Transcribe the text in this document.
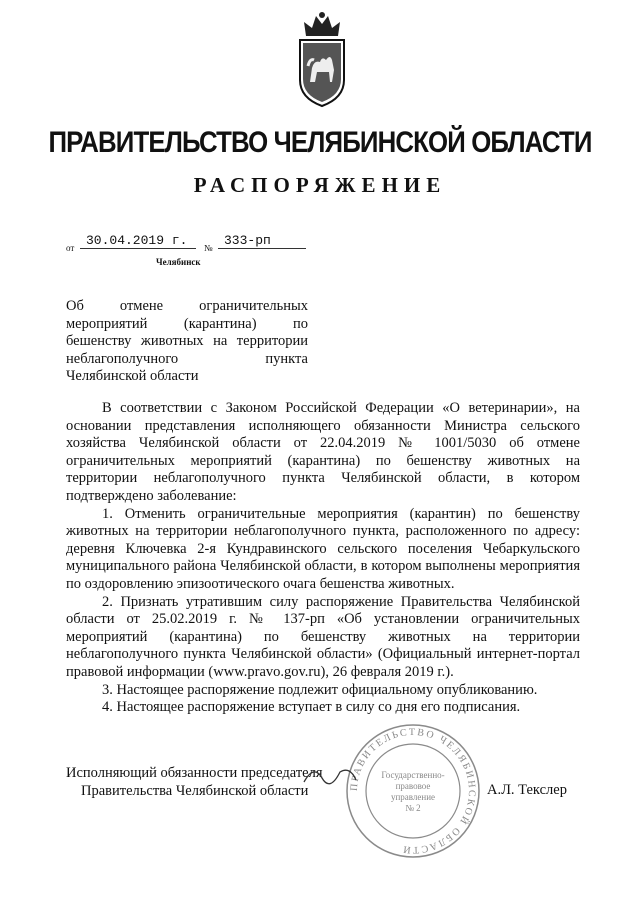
ПРАВИТЕЛЬСТВО ЧЕЛЯБИНСКОЙ ОБЛАСТИ
РАСПОРЯЖЕНИЕ
от 30.04.2019 г.	№ 333-рп
Челябинск
Об отмене ограничительных мероприятий (карантина) по бешенству животных на территории неблагополучного пункта Челябинской области

В соответствии с Законом Российской Федерации «О ветеринарии», на основании представления исполняющего обязанности Министра сельского хозяйства Челябинской области от 22.04.2019 № 1001/5030 об отмене ограничительных мероприятий (карантина) по бешенству животных на территории неблагополучного пункта Челябинской области, в котором подтверждено заболевание:

1. Отменить ограничительные мероприятия (карантин) по бешенству животных на территории неблагополучного пункта, расположенного по адресу: деревня Ключевка 2-я Кундравинского сельского поселения Чебаркульского муниципального района Челябинской области, в котором выполнены мероприятия по оздоровлению эпизоотического очага бешенства животных.

2. Признать утратившим силу распоряжение Правительства Челябинской области от 25.02.2019 г. № 137-рп «Об установлении ограничительных мероприятий (карантина) по бешенству животных на территории неблагополучного пункта Челябинской области» (Официальный интернет-портал правовой информации (www.pravo.gov.ru), 26 февраля 2019 г.).

3. Настоящее распоряжение подлежит официальному опубликованию.

4. Настоящее распоряжение вступает в силу со дня его подписания.

ПРАВИТЕЛЬСТВО ЧЕЛЯБИНСКОЙ ОБЛАСТИ
Государственно-
правовое
управление
№ 2
Исполняющий обязанности председателя
Правительства Челябинской области	А.Л. Текслер
